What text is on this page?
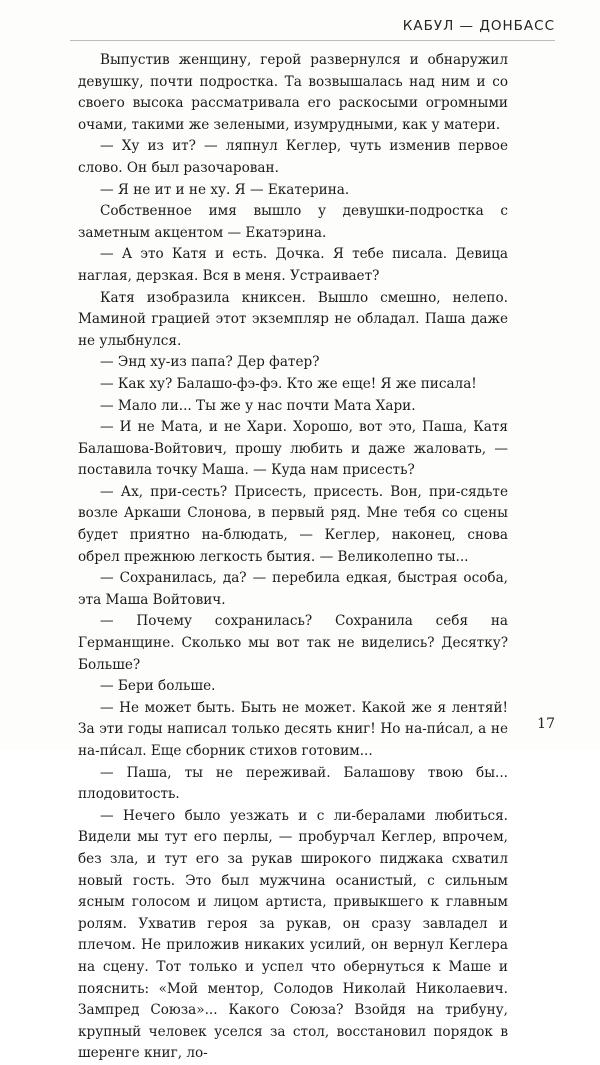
КАБУЛ — ДОНБАСС

Выпустив женщину, герой развернулся и обнаружил девушку, почти подростка. Та возвышалась над ним и со своего высока рассматривала его раскосыми огромными очами, такими же зелеными, изумрудными, как у матери.

— Ху из ит? — ляпнул Кеглер, чуть изменив первое слово. Он был разочарован.

— Я не ит и не ху. Я — Екатерина.

Собственное имя вышло у девушки-подростка с заметным акцентом — Екатэрина.

— А это Катя и есть. Дочка. Я тебе писала. Девица наглая, дерзкая. Вся в меня. Устраивает?

Катя изобразила книксен. Вышло смешно, нелепо. Маминой грацией этот экземпляр не обладал. Паша даже не улыбнулся.

— Энд ху-из папа? Дер фатер?

— Как ху? Балашо-фэ-фэ. Кто же еще! Я же писала!

— Мало ли... Ты же у нас почти Мата Хари.

— И не Мата, и не Хари. Хорошо, вот это, Паша, Катя Балашова-Войтович, прошу любить и даже жаловать, — поставила точку Маша. — Куда нам присесть?

— Ах, при-сесть? Присесть, присесть. Вон, при-сядьте возле Аркаши Слонова, в первый ряд. Мне тебя со сцены будет приятно на-блюдать, — Кеглер, наконец, снова обрел прежнюю легкость бытия. — Великолепно ты...

— Сохранилась, да? — перебила едкая, быстрая особа, эта Маша Войтович.

— Почему сохранилась? Сохранила себя на Германщине. Сколько мы вот так не виделись? Десятку? Больше?

— Бери больше.

— Не может быть. Быть не может. Какой же я лентяй! За эти годы написал только десять книг! Но на-пи́сал, а не на-пи́сал. Еще сборник стихов готовим...

— Паша, ты не переживай. Балашову твою бы... плодовитость.

— Нечего было уезжать и с ли-бералами любиться. Видели мы тут его перлы, — пробурчал Кеглер, впрочем, без зла, и тут его за рукав широкого пиджака схватил новый гость. Это был мужчина осанистый, с сильным ясным голосом и лицом артиста, привыкшего к главным ролям. Ухватив героя за рукав, он сразу завладел и плечом. Не приложив никаких усилий, он вернул Кеглера на сцену. Тот только и успел что обернуться к Маше и пояснить: «Мой ментор, Солодов Николай Николаевич. Зампред Союза»... Какого Союза? Взойдя на трибуну, крупный человек уселся за стол, восстановил порядок в шеренге книг, ло-

17
